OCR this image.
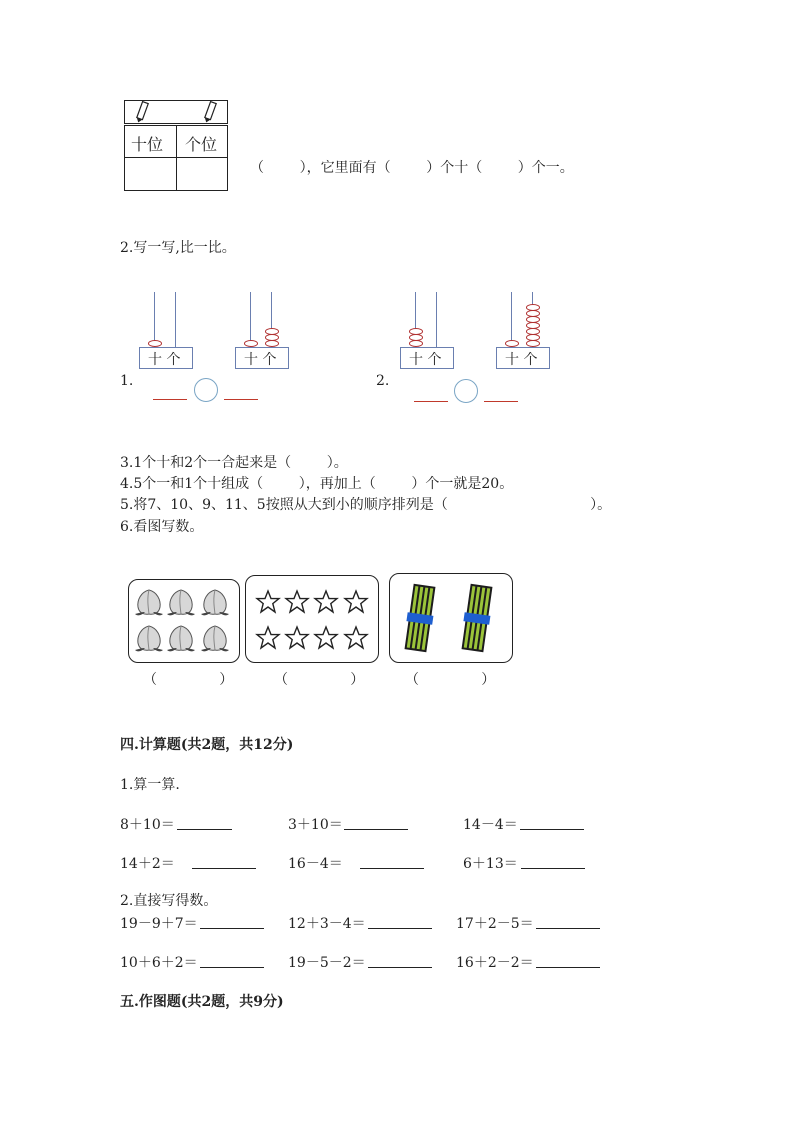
十位 个位
（        ），它里面有（        ）个十（        ）个一。
2.写一写,比一比。
十 个	十 个
1.
十 个	十 个
2.
3.1个十和2个一合起来是（        ）。
4.5个一和1个十组成（        ），再加上（        ）个一就是20。
5.将7、10、9、11、5按照从大到小的顺序排列是（                                ）。
6.看图写数。
（              ）	（              ）	（              ）
四.计算题(共2题，共12分)
1.算一算.
8＋10＝	3＋10＝	14－4＝
14＋2＝	16－4＝	6＋13＝
2.直接写得数。
19－9＋7＝	12＋3－4＝	17＋2－5＝
10＋6＋2＝	19－5－2＝	16＋2－2＝
五.作图题(共2题，共9分)
